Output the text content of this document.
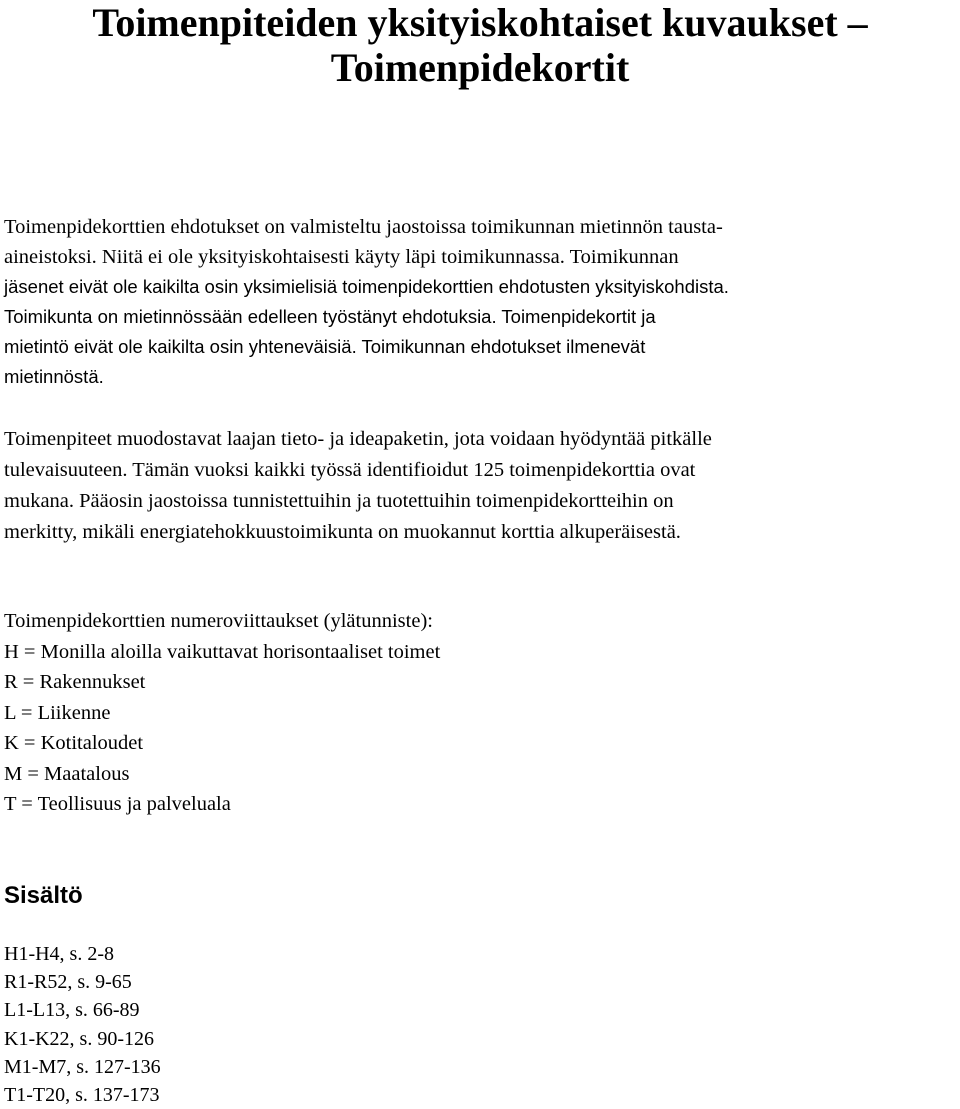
Toimenpiteiden yksityiskohtaiset kuvaukset –
Toimenpidekortit

Toimenpidekorttien ehdotukset on valmisteltu jaostoissa toimikunnan mietinnön tausta-
aineistoksi. Niitä ei ole yksityiskohtaisesti käyty läpi toimikunnassa. Toimikunnan
jäsenet eivät ole kaikilta osin yksimielisiä toimenpidekorttien ehdotusten yksityiskohdista.
Toimikunta on mietinnössään edelleen työstänyt ehdotuksia. Toimenpidekortit ja
mietintö eivät ole kaikilta osin yhteneväisiä. Toimikunnan ehdotukset ilmenevät
mietinnöstä.

Toimenpiteet muodostavat laajan tieto- ja ideapaketin, jota voidaan hyödyntää pitkälle
tulevaisuuteen. Tämän vuoksi kaikki työssä identifioidut 125 toimenpidekorttia ovat
mukana. Pääosin jaostoissa tunnistettuihin ja tuotettuihin toimenpidekortteihin on
merkitty, mikäli energiatehokkuustoimikunta on muokannut korttia alkuperäisestä.

Toimenpidekorttien numeroviittaukset (ylätunniste):
H = Monilla aloilla vaikuttavat horisontaaliset toimet
R = Rakennukset
L = Liikenne
K = Kotitaloudet
M = Maatalous
T = Teollisuus ja palveluala
Sisältö
H1-H4, s. 2-8
R1-R52, s. 9-65
L1-L13, s. 66-89
K1-K22, s. 90-126
M1-M7, s. 127-136
T1-T20, s. 137-173
